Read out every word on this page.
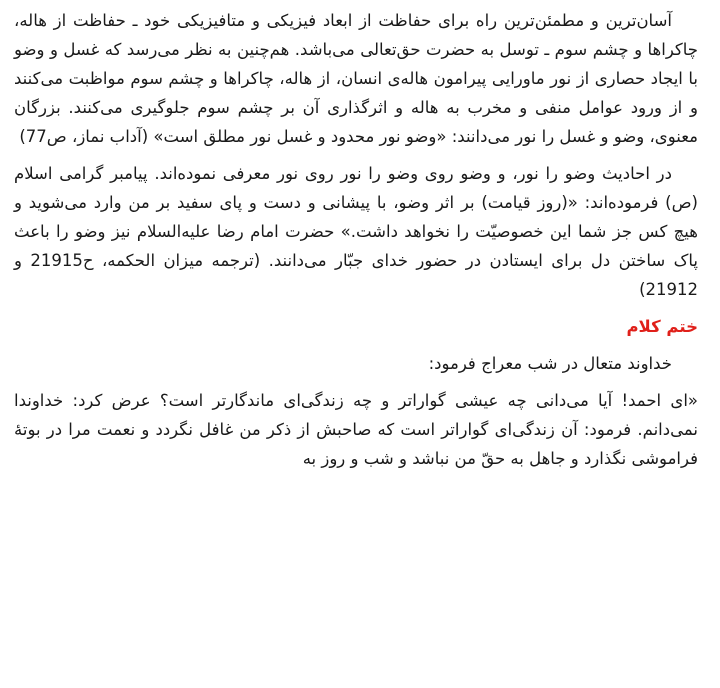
آسان‌ترین و مطمئن‌ترین راه برای حفاظت از ابعاد فیزیکی و متافیزیکی خود ـ حفاظت از هاله، چاکراها و چشم سوم ـ توسل به حضرت حق‌تعالی می‌باشد. هم‌چنین به نظر می‌رسد که غسل و وضو با ایجاد حصاری از نور ماورایی پیرامون هاله‌ی انسان، از هاله، چاکراها و چشم سوم مواظبت می‌کنند و از ورود عوامل منفی و مخرب به هاله و اثرگذاری آن بر چشم سوم جلوگیری می‌کنند. بزرگان معنوی، وضو و غسل را نور می‌دانند: «وضو نور محدود و غسل نور مطلق است» (آداب نماز، ص77)

در احادیث وضو را نور، و وضو روی وضو را نور روی نور معرفی نموده‌اند. پیامبر گرامی اسلام (ص) فرموده‌اند: «(روز قیامت) بر اثر وضو، با پیشانی و دست و پای سفید بر من وارد می‌شوید و هیچ کس جز شما این خصوصیّت را نخواهد داشت.» حضرت امام رضا علیه‌السلام نیز وضو را باعث پاک ساختن دل برای ایستادن در حضور خدای جبّار می‌دانند. (ترجمه میزان الحکمه، ح21915 و 21912)

ختم کلام

خداوند متعال در شب معراج فرمود:

«ای احمد! آیا می‌دانی چه عیشی گواراتر و چه زندگی‌ای ماندگارتر است؟ عرض کرد: خداوندا نمی‌دانم. فرمود: آن زندگی‌ای گواراتر است که صاحبش از ذکر من غافل نگردد و نعمت مرا در بوتهٔ فراموشی نگذارد و جاهل به حقّ من نباشد و شب و روز به
